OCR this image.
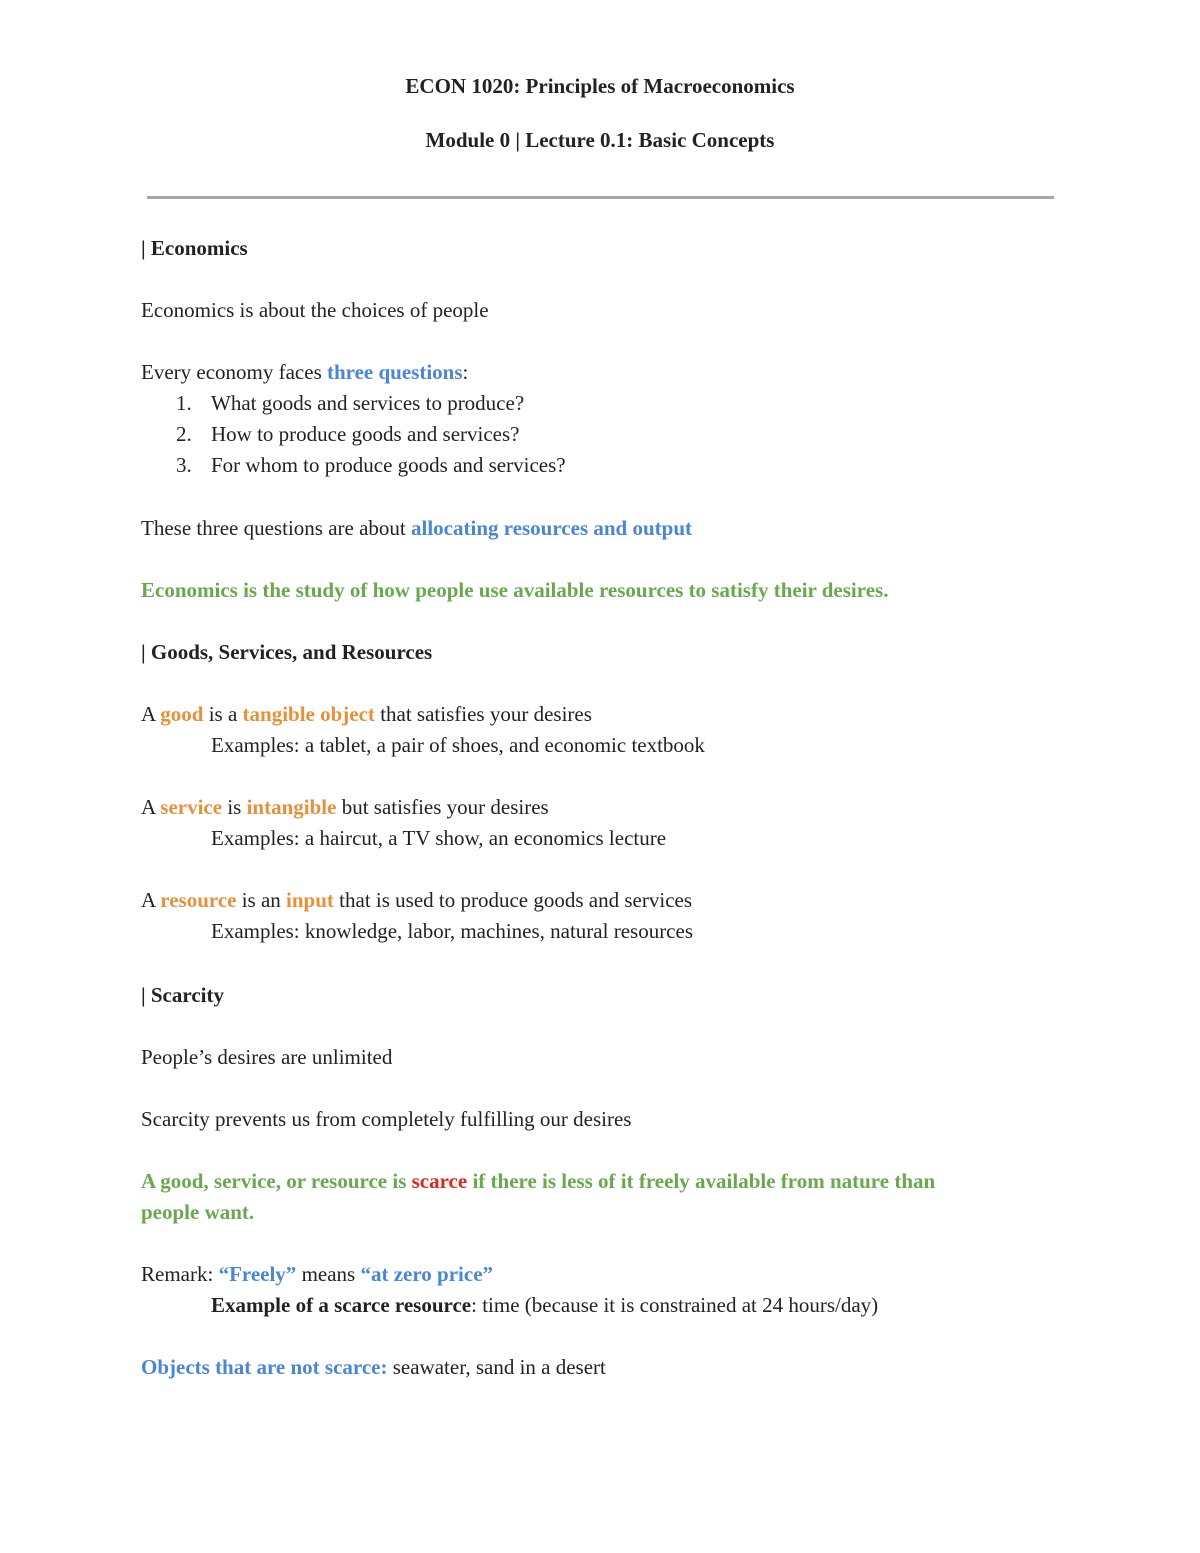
ECON 1020: Principles of Macroeconomics
Module 0 | Lecture 0.1: Basic Concepts
| Economics
Economics is about the choices of people
Every economy faces three questions:
1. What goods and services to produce?
2. How to produce goods and services?
3. For whom to produce goods and services?
These three questions are about allocating resources and output
Economics is the study of how people use available resources to satisfy their desires.
| Goods, Services, and Resources
A good is a tangible object that satisfies your desires
Examples: a tablet, a pair of shoes, and economic textbook
A service is intangible but satisfies your desires
Examples: a haircut, a TV show, an economics lecture
A resource is an input that is used to produce goods and services
Examples: knowledge, labor, machines, natural resources
| Scarcity
People’s desires are unlimited
Scarcity prevents us from completely fulfilling our desires
A good, service, or resource is scarce if there is less of it freely available from nature than
people want.
Remark: “Freely” means “at zero price”
Example of a scarce resource: time (because it is constrained at 24 hours/day)
Objects that are not scarce: seawater, sand in a desert
